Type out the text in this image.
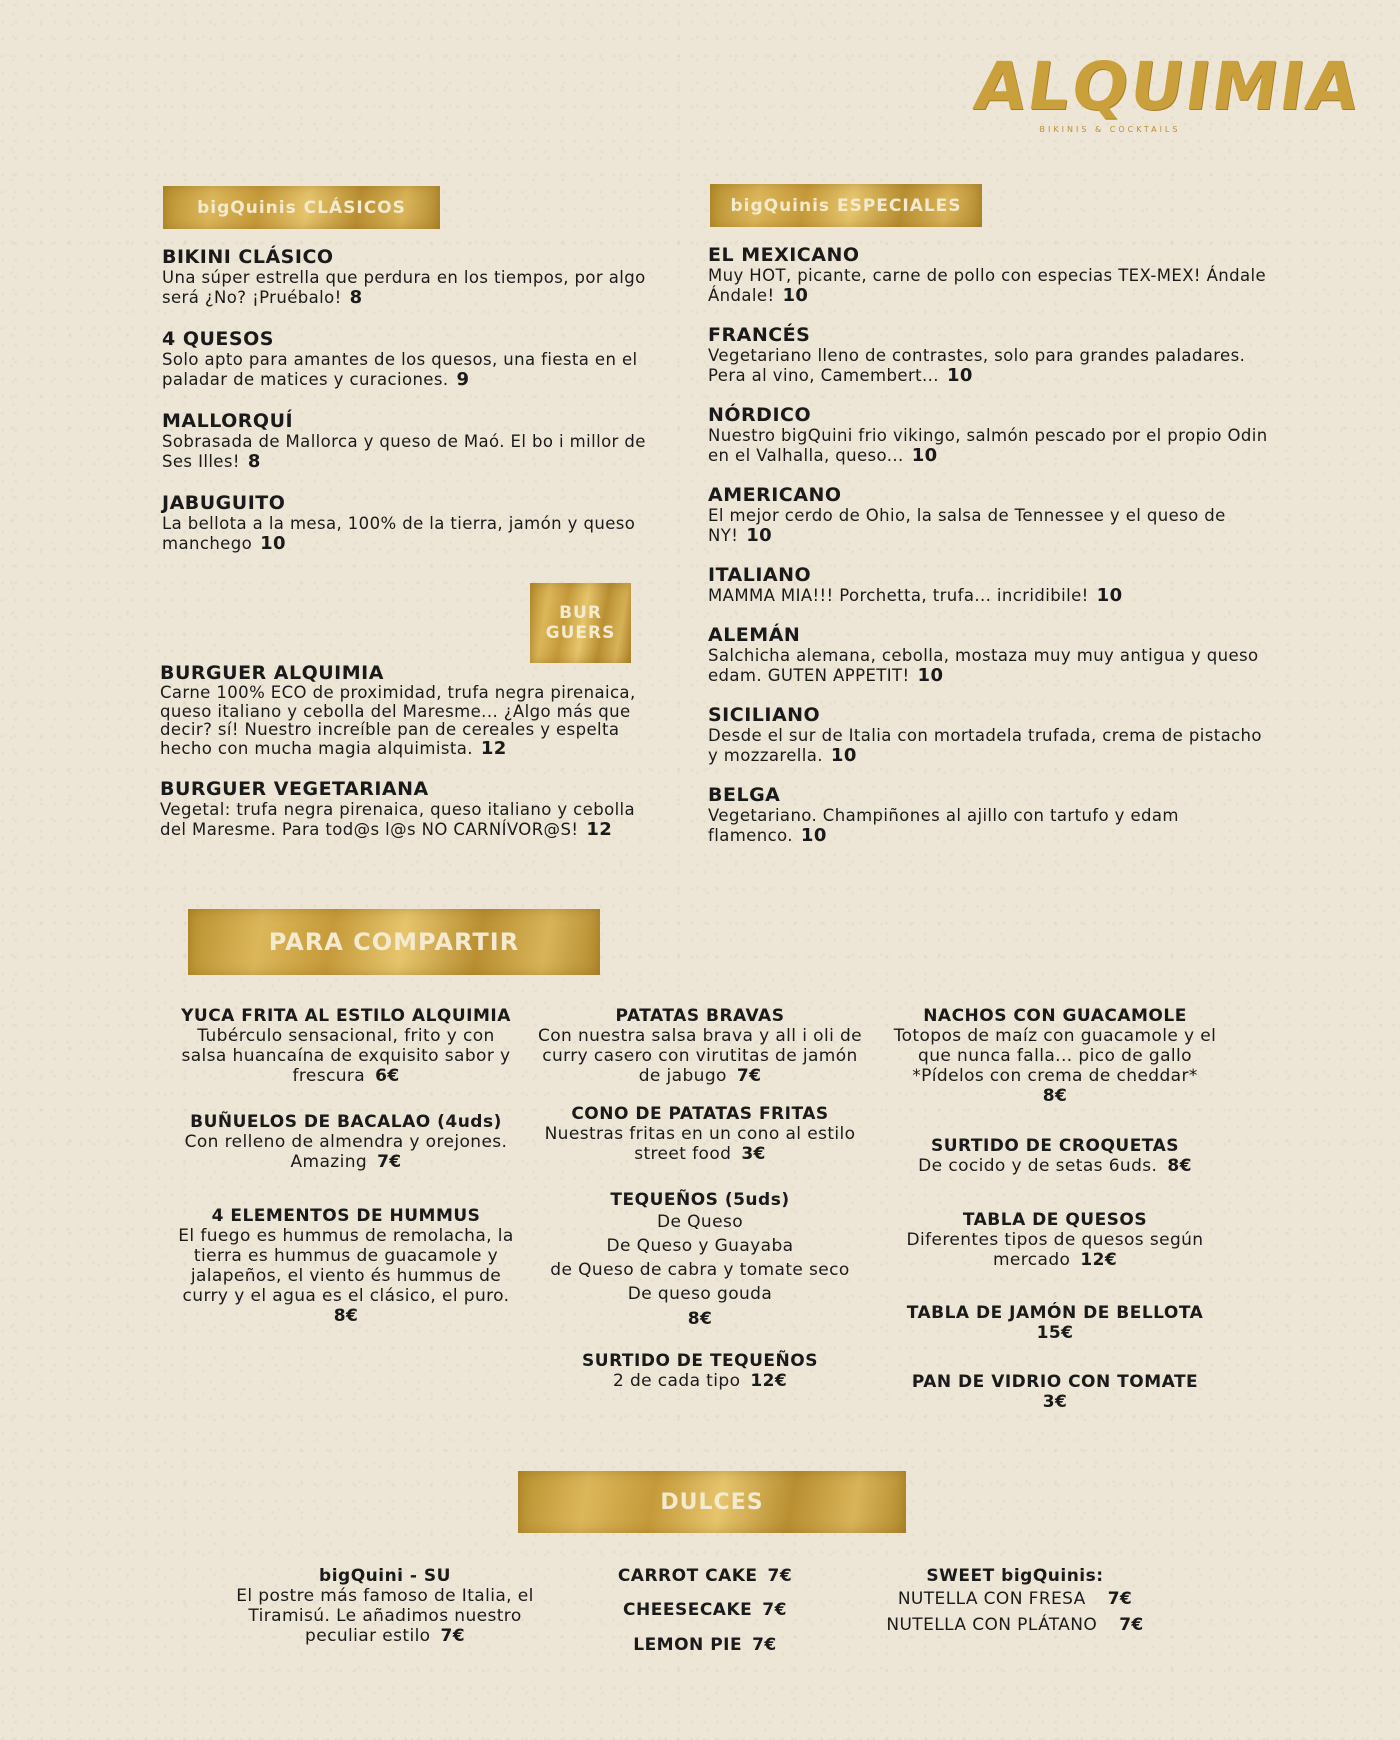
ALQUIMIA
BIKINIS & COCKTAILS
bigQuinis CLÁSICOS

BIKINI CLÁSICO

Una súper estrella que perdura en los tiempos, por algo será ¿No? ¡Pruébalo! 8

4 QUESOS

Solo apto para amantes de los quesos, una fiesta en el paladar de matices y curaciones. 9

MALLORQUÍ

Sobrasada de Mallorca y queso de Maó. El bo i millor de Ses Illes! 8

JABUGUITO

La bellota a la mesa, 100% de la tierra, jamón y queso manchego 10

BUR
GUERS

BURGUER ALQUIMIA

Carne 100% ECO de proximidad, trufa negra pirenaica, queso italiano y cebolla del Maresme... ¿Algo más que decir? sí! Nuestro increíble pan de cereales y espelta hecho con mucha magia alquimista. 12

BURGUER VEGETARIANA

Vegetal: trufa negra pirenaica, queso italiano y cebolla del Maresme. Para tod@s l@s NO CARNÍVOR@S! 12

bigQuinis ESPECIALES

EL MEXICANO

Muy HOT, picante, carne de pollo con especias TEX-MEX! Ándale Ándale! 10

FRANCÉS

Vegetariano lleno de contrastes, solo para grandes paladares. Pera al vino, Camembert... 10

NÓRDICO

Nuestro bigQuini frio vikingo, salmón pescado por el propio Odin en el Valhalla, queso... 10

AMERICANO

El mejor cerdo de Ohio, la salsa de Tennessee y el queso de NY! 10

ITALIANO

MAMMA MIA!!! Porchetta, trufa... incridibile! 10

ALEMÁN

Salchicha alemana, cebolla, mostaza muy muy antigua y queso edam. GUTEN APPETIT! 10

SICILIANO

Desde el sur de Italia con mortadela trufada, crema de pistacho y mozzarella. 10

BELGA

Vegetariano. Champiñones al ajillo con tartufo y edam flamenco. 10

PARA COMPARTIR

YUCA FRITA AL ESTILO ALQUIMIA

Tubérculo sensacional, frito y con salsa huancaína de exquisito sabor y frescura 6€

BUÑUELOS DE BACALAO (4uds)

Con relleno de almendra y orejones. Amazing 7€

4 ELEMENTOS DE HUMMUS

El fuego es hummus de remolacha, la tierra es hummus de guacamole y jalapeños, el viento és hummus de curry y el agua es el clásico, el puro.

8€

PATATAS BRAVAS

Con nuestra salsa brava y all i oli de curry casero con virutitas de jamón de jabugo 7€

CONO DE PATATAS FRITAS

Nuestras fritas en un cono al estilo street food 3€

TEQUEÑOS (5uds)

De Queso

De Queso y Guayaba

de Queso de cabra y tomate seco

De queso gouda

8€

SURTIDO DE TEQUEÑOS

2 de cada tipo 12€

NACHOS CON GUACAMOLE

Totopos de maíz con guacamole y el que nunca falla... pico de gallo

*Pídelos con crema de cheddar*

8€

SURTIDO DE CROQUETAS

De cocido y de setas 6uds. 8€

TABLA DE QUESOS

Diferentes tipos de quesos según mercado 12€

TABLA DE JAMÓN DE BELLOTA

15€

PAN DE VIDRIO CON TOMATE

3€

DULCES

bigQuini - SU

El postre más famoso de Italia, el Tiramisú. Le añadimos nuestro peculiar estilo 7€

CARROT CAKE 7€

CHEESECAKE 7€

LEMON PIE 7€

SWEET bigQuinis:

NUTELLA CON FRESA 7€

NUTELLA CON PLÁTANO 7€
